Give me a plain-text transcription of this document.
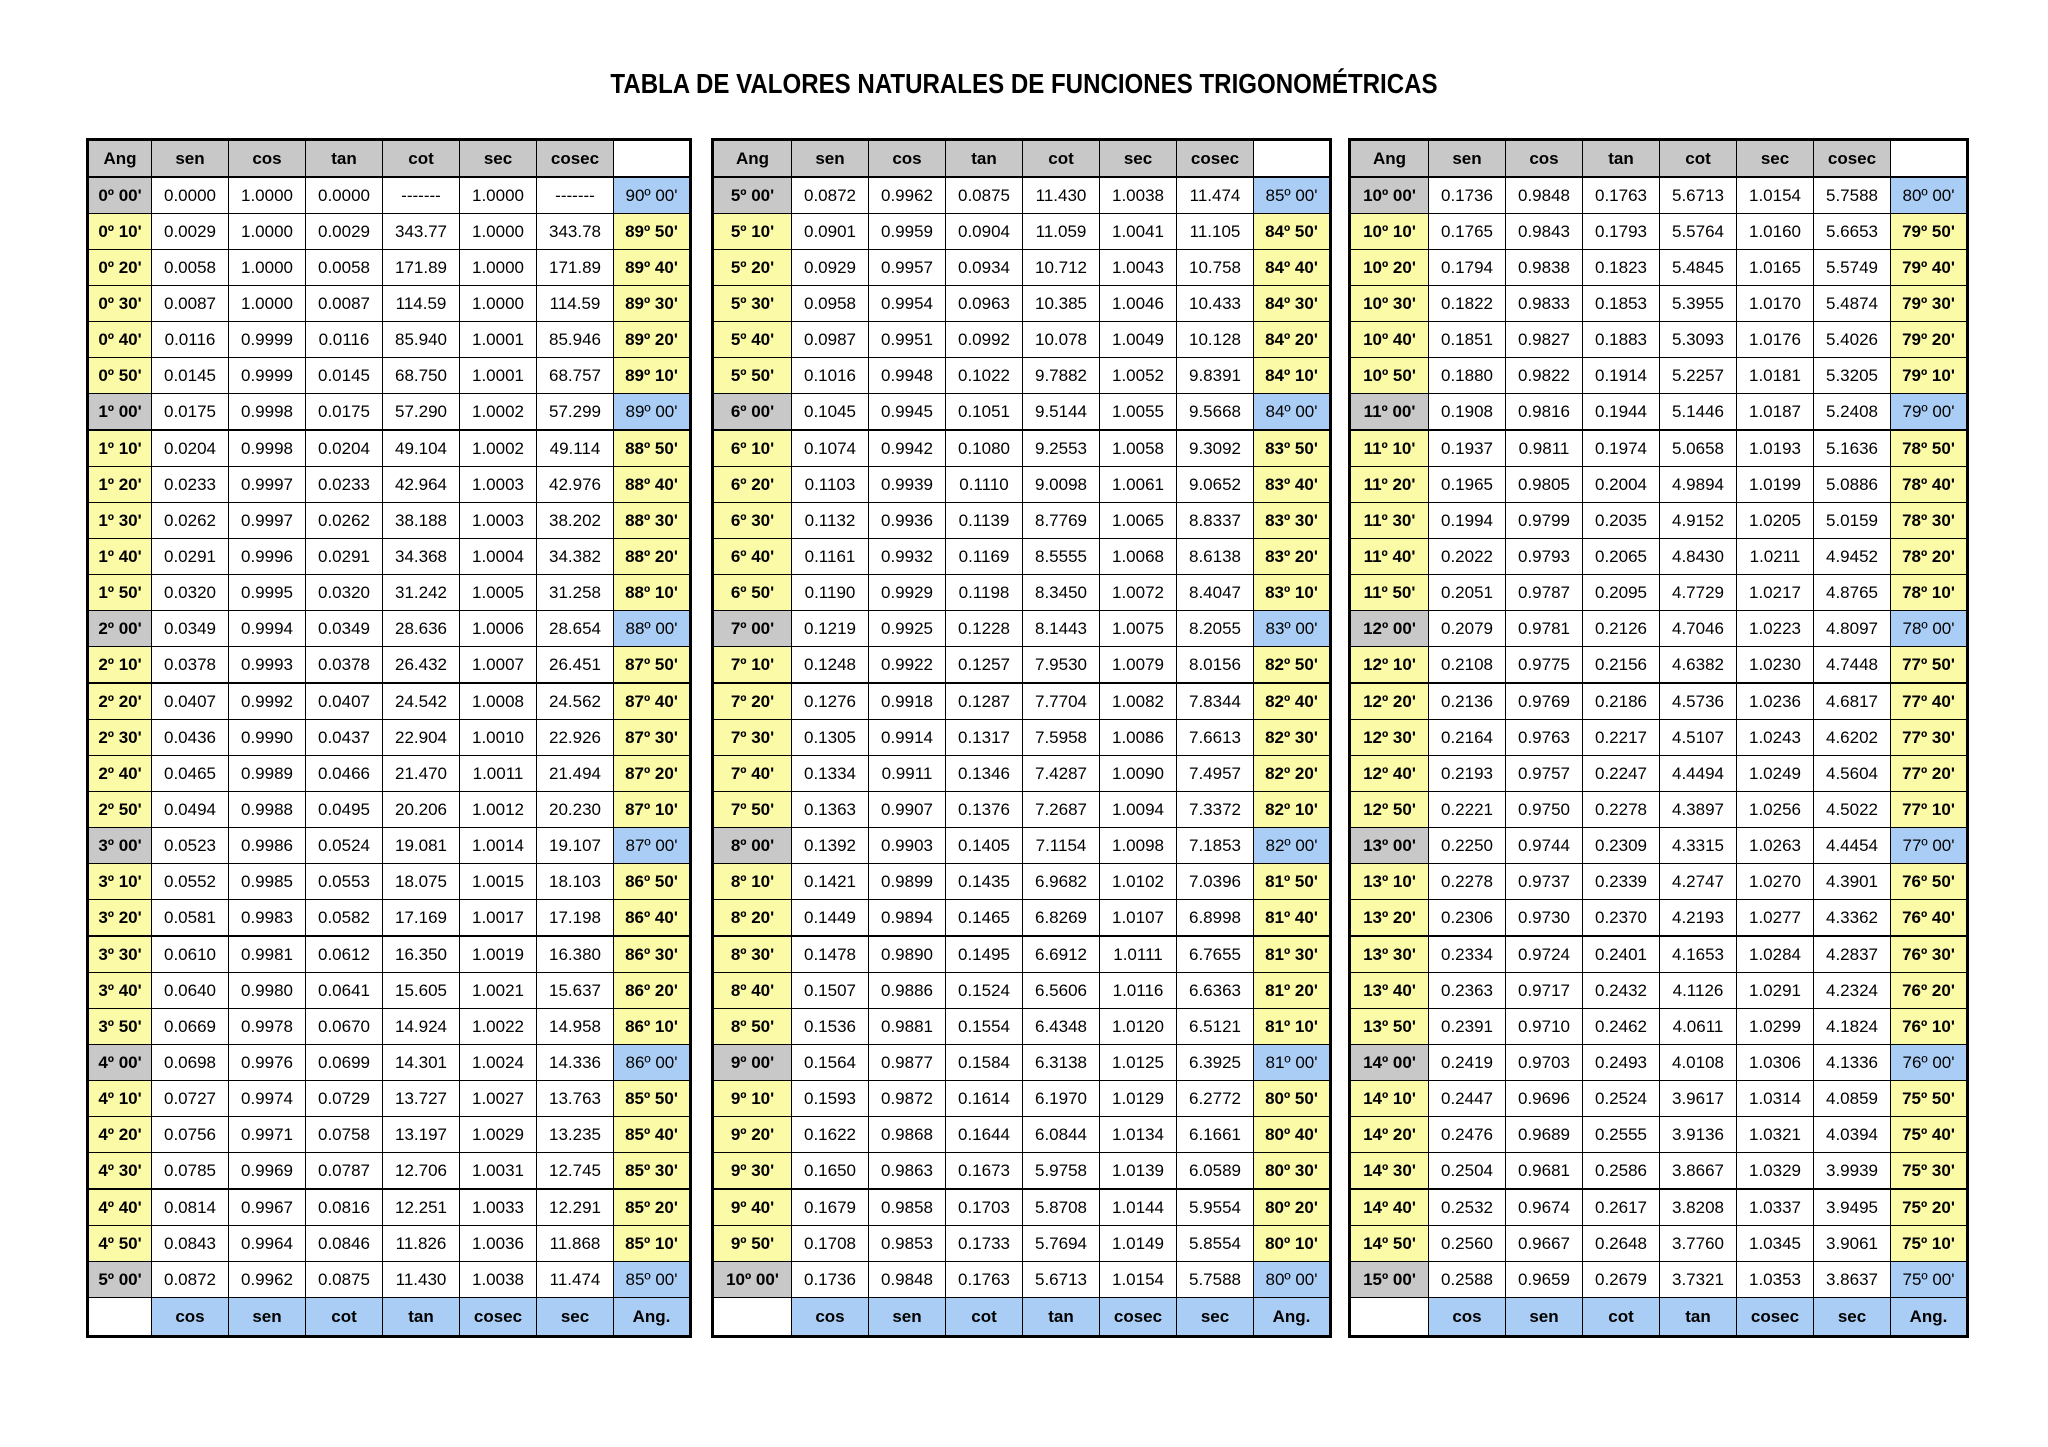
TABLA DE VALORES NATURALES DE FUNCIONES TRIGONOMÉTRICAS
Ang	sen	cos	tan	cot	sec	cosec	
0º 00'	0.0000	1.0000	0.0000	-------	1.0000	-------	90º 00'
0º 10'	0.0029	1.0000	0.0029	343.77	1.0000	343.78	89º 50'
0º 20'	0.0058	1.0000	0.0058	171.89	1.0000	171.89	89º 40'
0º 30'	0.0087	1.0000	0.0087	114.59	1.0000	114.59	89º 30'
0º 40'	0.0116	0.9999	0.0116	85.940	1.0001	85.946	89º 20'
0º 50'	0.0145	0.9999	0.0145	68.750	1.0001	68.757	89º 10'
1º 00'	0.0175	0.9998	0.0175	57.290	1.0002	57.299	89º 00'
1º 10'	0.0204	0.9998	0.0204	49.104	1.0002	49.114	88º 50'
1º 20'	0.0233	0.9997	0.0233	42.964	1.0003	42.976	88º 40'
1º 30'	0.0262	0.9997	0.0262	38.188	1.0003	38.202	88º 30'
1º 40'	0.0291	0.9996	0.0291	34.368	1.0004	34.382	88º 20'
1º 50'	0.0320	0.9995	0.0320	31.242	1.0005	31.258	88º 10'
2º 00'	0.0349	0.9994	0.0349	28.636	1.0006	28.654	88º 00'
2º 10'	0.0378	0.9993	0.0378	26.432	1.0007	26.451	87º 50'
2º 20'	0.0407	0.9992	0.0407	24.542	1.0008	24.562	87º 40'
2º 30'	0.0436	0.9990	0.0437	22.904	1.0010	22.926	87º 30'
2º 40'	0.0465	0.9989	0.0466	21.470	1.0011	21.494	87º 20'
2º 50'	0.0494	0.9988	0.0495	20.206	1.0012	20.230	87º 10'
3º 00'	0.0523	0.9986	0.0524	19.081	1.0014	19.107	87º 00'
3º 10'	0.0552	0.9985	0.0553	18.075	1.0015	18.103	86º 50'
3º 20'	0.0581	0.9983	0.0582	17.169	1.0017	17.198	86º 40'
3º 30'	0.0610	0.9981	0.0612	16.350	1.0019	16.380	86º 30'
3º 40'	0.0640	0.9980	0.0641	15.605	1.0021	15.637	86º 20'
3º 50'	0.0669	0.9978	0.0670	14.924	1.0022	14.958	86º 10'
4º 00'	0.0698	0.9976	0.0699	14.301	1.0024	14.336	86º 00'
4º 10'	0.0727	0.9974	0.0729	13.727	1.0027	13.763	85º 50'
4º 20'	0.0756	0.9971	0.0758	13.197	1.0029	13.235	85º 40'
4º 30'	0.0785	0.9969	0.0787	12.706	1.0031	12.745	85º 30'
4º 40'	0.0814	0.9967	0.0816	12.251	1.0033	12.291	85º 20'
4º 50'	0.0843	0.9964	0.0846	11.826	1.0036	11.868	85º 10'
5º 00'	0.0872	0.9962	0.0875	11.430	1.0038	11.474	85º 00'
	cos	sen	cot	tan	cosec	sec	Ang.
Ang	sen	cos	tan	cot	sec	cosec	
5º 00'	0.0872	0.9962	0.0875	11.430	1.0038	11.474	85º 00'
5º 10'	0.0901	0.9959	0.0904	11.059	1.0041	11.105	84º 50'
5º 20'	0.0929	0.9957	0.0934	10.712	1.0043	10.758	84º 40'
5º 30'	0.0958	0.9954	0.0963	10.385	1.0046	10.433	84º 30'
5º 40'	0.0987	0.9951	0.0992	10.078	1.0049	10.128	84º 20'
5º 50'	0.1016	0.9948	0.1022	9.7882	1.0052	9.8391	84º 10'
6º 00'	0.1045	0.9945	0.1051	9.5144	1.0055	9.5668	84º 00'
6º 10'	0.1074	0.9942	0.1080	9.2553	1.0058	9.3092	83º 50'
6º 20'	0.1103	0.9939	0.1110	9.0098	1.0061	9.0652	83º 40'
6º 30'	0.1132	0.9936	0.1139	8.7769	1.0065	8.8337	83º 30'
6º 40'	0.1161	0.9932	0.1169	8.5555	1.0068	8.6138	83º 20'
6º 50'	0.1190	0.9929	0.1198	8.3450	1.0072	8.4047	83º 10'
7º 00'	0.1219	0.9925	0.1228	8.1443	1.0075	8.2055	83º 00'
7º 10'	0.1248	0.9922	0.1257	7.9530	1.0079	8.0156	82º 50'
7º 20'	0.1276	0.9918	0.1287	7.7704	1.0082	7.8344	82º 40'
7º 30'	0.1305	0.9914	0.1317	7.5958	1.0086	7.6613	82º 30'
7º 40'	0.1334	0.9911	0.1346	7.4287	1.0090	7.4957	82º 20'
7º 50'	0.1363	0.9907	0.1376	7.2687	1.0094	7.3372	82º 10'
8º 00'	0.1392	0.9903	0.1405	7.1154	1.0098	7.1853	82º 00'
8º 10'	0.1421	0.9899	0.1435	6.9682	1.0102	7.0396	81º 50'
8º 20'	0.1449	0.9894	0.1465	6.8269	1.0107	6.8998	81º 40'
8º 30'	0.1478	0.9890	0.1495	6.6912	1.0111	6.7655	81º 30'
8º 40'	0.1507	0.9886	0.1524	6.5606	1.0116	6.6363	81º 20'
8º 50'	0.1536	0.9881	0.1554	6.4348	1.0120	6.5121	81º 10'
9º 00'	0.1564	0.9877	0.1584	6.3138	1.0125	6.3925	81º 00'
9º 10'	0.1593	0.9872	0.1614	6.1970	1.0129	6.2772	80º 50'
9º 20'	0.1622	0.9868	0.1644	6.0844	1.0134	6.1661	80º 40'
9º 30'	0.1650	0.9863	0.1673	5.9758	1.0139	6.0589	80º 30'
9º 40'	0.1679	0.9858	0.1703	5.8708	1.0144	5.9554	80º 20'
9º 50'	0.1708	0.9853	0.1733	5.7694	1.0149	5.8554	80º 10'
10º 00'	0.1736	0.9848	0.1763	5.6713	1.0154	5.7588	80º 00'
	cos	sen	cot	tan	cosec	sec	Ang.
Ang	sen	cos	tan	cot	sec	cosec	
10º 00'	0.1736	0.9848	0.1763	5.6713	1.0154	5.7588	80º 00'
10º 10'	0.1765	0.9843	0.1793	5.5764	1.0160	5.6653	79º 50'
10º 20'	0.1794	0.9838	0.1823	5.4845	1.0165	5.5749	79º 40'
10º 30'	0.1822	0.9833	0.1853	5.3955	1.0170	5.4874	79º 30'
10º 40'	0.1851	0.9827	0.1883	5.3093	1.0176	5.4026	79º 20'
10º 50'	0.1880	0.9822	0.1914	5.2257	1.0181	5.3205	79º 10'
11º 00'	0.1908	0.9816	0.1944	5.1446	1.0187	5.2408	79º 00'
11º 10'	0.1937	0.9811	0.1974	5.0658	1.0193	5.1636	78º 50'
11º 20'	0.1965	0.9805	0.2004	4.9894	1.0199	5.0886	78º 40'
11º 30'	0.1994	0.9799	0.2035	4.9152	1.0205	5.0159	78º 30'
11º 40'	0.2022	0.9793	0.2065	4.8430	1.0211	4.9452	78º 20'
11º 50'	0.2051	0.9787	0.2095	4.7729	1.0217	4.8765	78º 10'
12º 00'	0.2079	0.9781	0.2126	4.7046	1.0223	4.8097	78º 00'
12º 10'	0.2108	0.9775	0.2156	4.6382	1.0230	4.7448	77º 50'
12º 20'	0.2136	0.9769	0.2186	4.5736	1.0236	4.6817	77º 40'
12º 30'	0.2164	0.9763	0.2217	4.5107	1.0243	4.6202	77º 30'
12º 40'	0.2193	0.9757	0.2247	4.4494	1.0249	4.5604	77º 20'
12º 50'	0.2221	0.9750	0.2278	4.3897	1.0256	4.5022	77º 10'
13º 00'	0.2250	0.9744	0.2309	4.3315	1.0263	4.4454	77º 00'
13º 10'	0.2278	0.9737	0.2339	4.2747	1.0270	4.3901	76º 50'
13º 20'	0.2306	0.9730	0.2370	4.2193	1.0277	4.3362	76º 40'
13º 30'	0.2334	0.9724	0.2401	4.1653	1.0284	4.2837	76º 30'
13º 40'	0.2363	0.9717	0.2432	4.1126	1.0291	4.2324	76º 20'
13º 50'	0.2391	0.9710	0.2462	4.0611	1.0299	4.1824	76º 10'
14º 00'	0.2419	0.9703	0.2493	4.0108	1.0306	4.1336	76º 00'
14º 10'	0.2447	0.9696	0.2524	3.9617	1.0314	4.0859	75º 50'
14º 20'	0.2476	0.9689	0.2555	3.9136	1.0321	4.0394	75º 40'
14º 30'	0.2504	0.9681	0.2586	3.8667	1.0329	3.9939	75º 30'
14º 40'	0.2532	0.9674	0.2617	3.8208	1.0337	3.9495	75º 20'
14º 50'	0.2560	0.9667	0.2648	3.7760	1.0345	3.9061	75º 10'
15º 00'	0.2588	0.9659	0.2679	3.7321	1.0353	3.8637	75º 00'
	cos	sen	cot	tan	cosec	sec	Ang.
